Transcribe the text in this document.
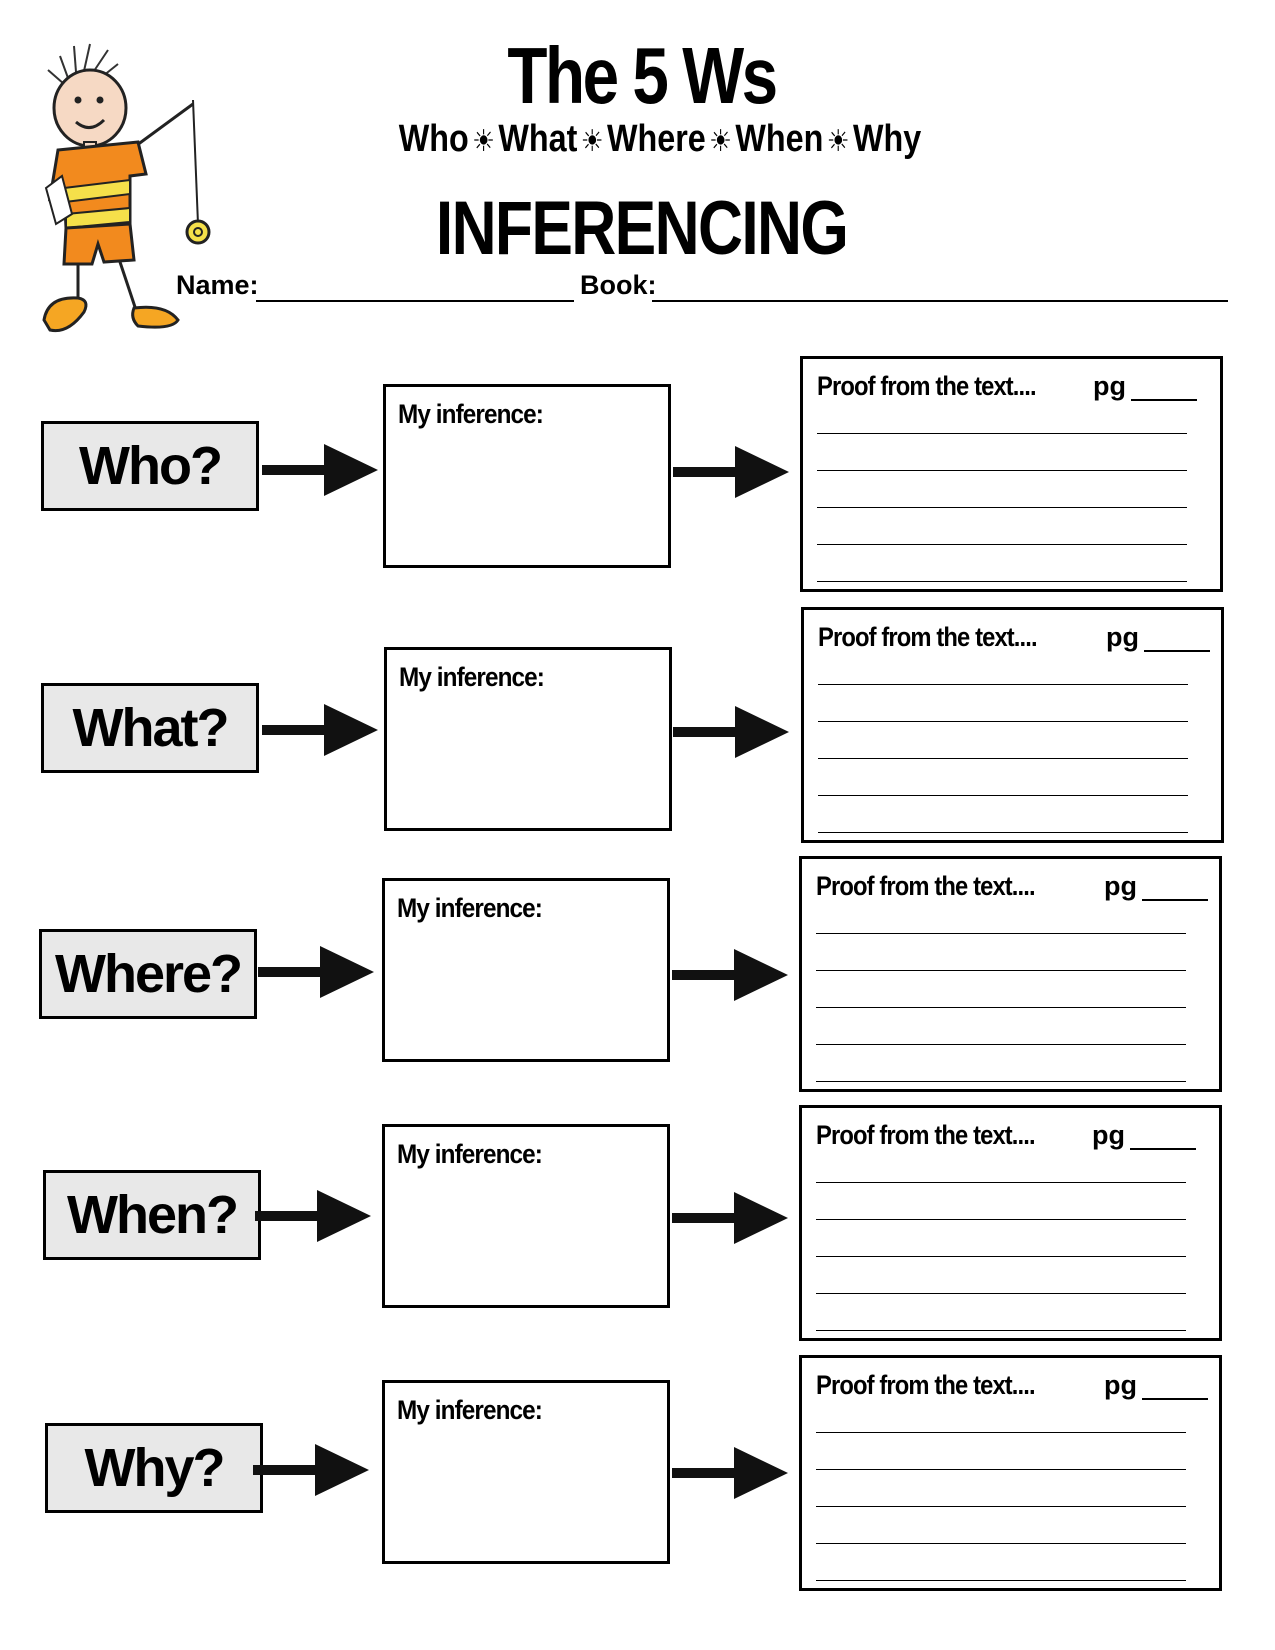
The 5 Ws
Who ☀What ☀Where ☀When ☀Why
INFERENCING
Name:	Book:
Who?
My inference:
Proof from the text.... pg
What?
My inference:
Proof from the text....	pg
Where?
My inference:
Proof from the text....	pg
When?
My inference:
Proof from the text.... pg
Why?
My inference:
Proof from the text....	pg
